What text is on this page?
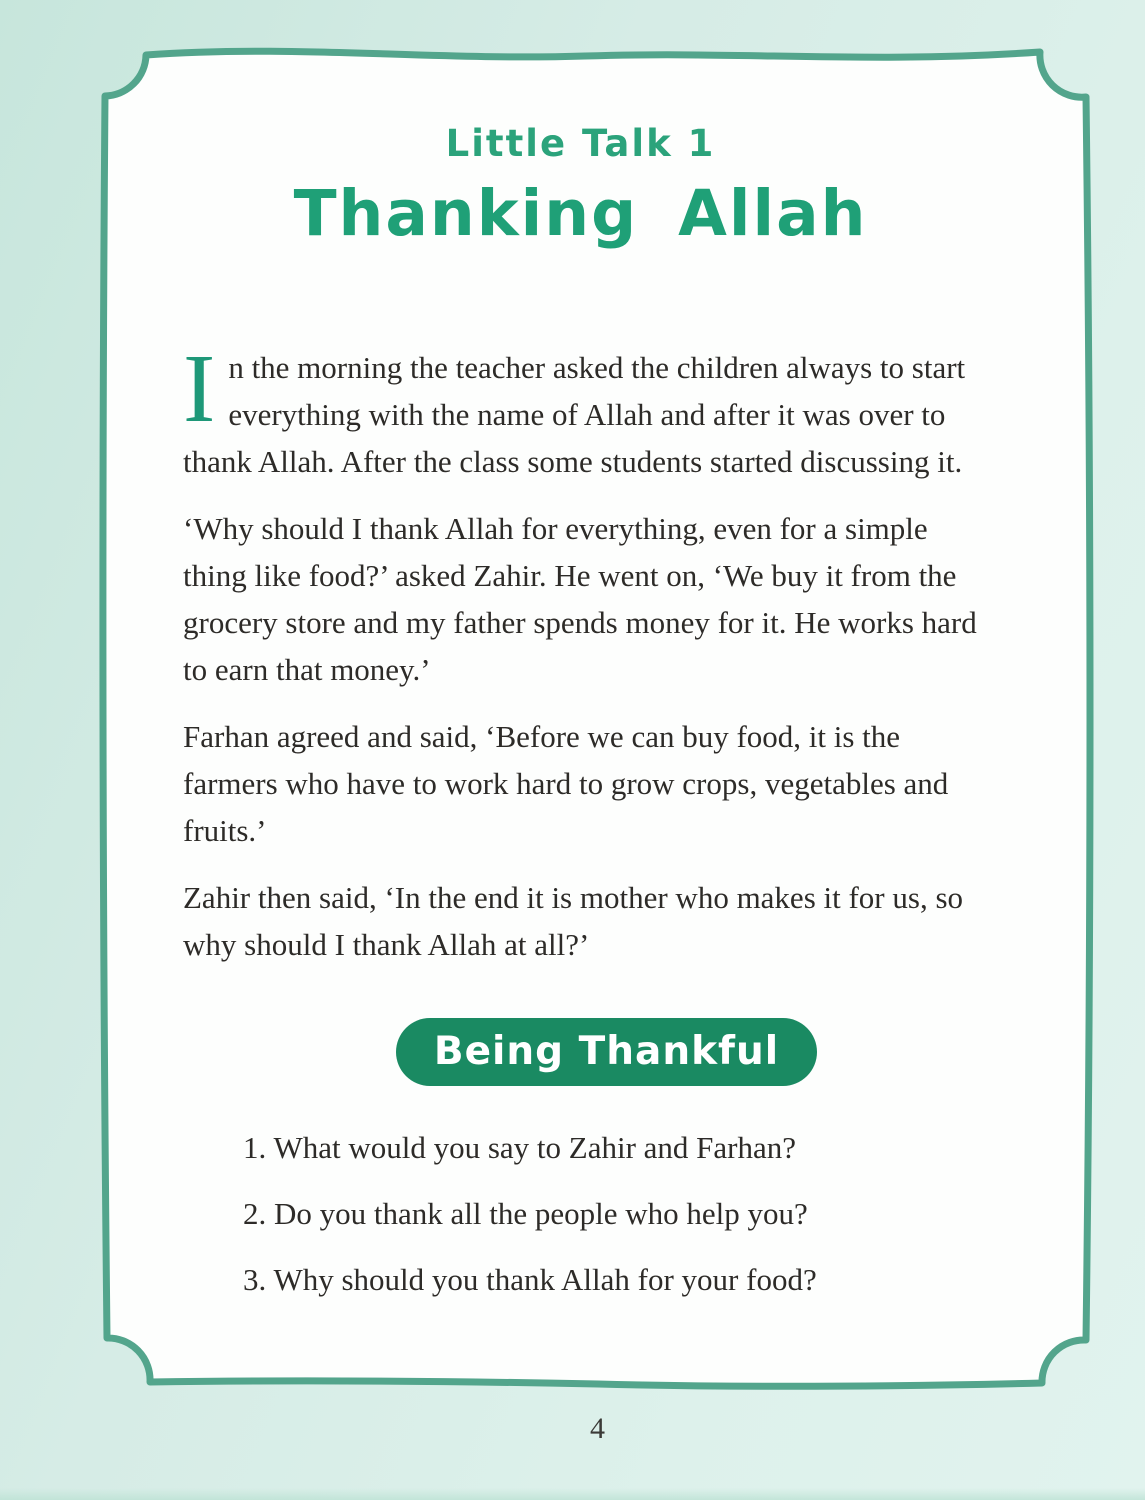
Little Talk 1
Thanking Allah

In the morning the teacher asked the children always to start everything with the name of Allah and after it was over to thank Allah. After the class some students started discussing it.

‘Why should I thank Allah for everything, even for a simple thing like food?’ asked Zahir. He went on, ‘We buy it from the grocery store and my father spends money for it. He works hard to earn that money.’

Farhan agreed and said, ‘Before we can buy food, it is the farmers who have to work hard to grow crops, vegetables and fruits.’

Zahir then said, ‘In the end it is mother who makes it for us, so why should I thank Allah at all?’

Being Thankful

1. What would you say to Zahir and Farhan?

2. Do you thank all the people who help you?

3. Why should you thank Allah for your food?

4
